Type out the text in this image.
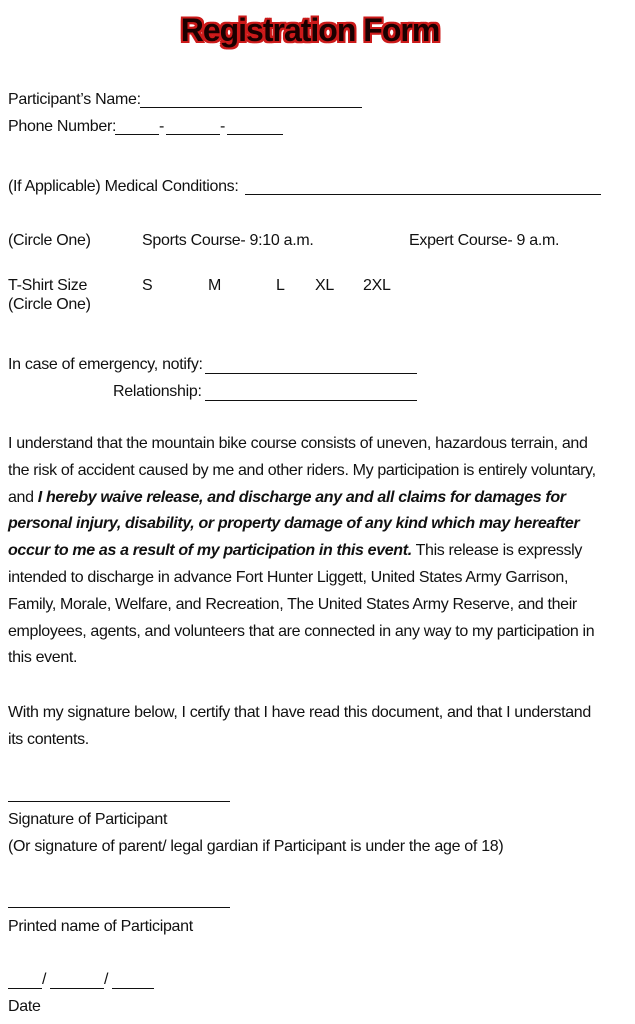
Registration Form
Participant’s Name:
Phone Number:	-	-
(If Applicable) Medical Conditions:
(Circle One)	Sports Course- 9:10 a.m.	Expert Course- 9 a.m.
T-Shirt Size
(Circle One)
S	M	L XL 2XL
In case of emergency, notify:
Relationship:
I understand that the mountain bike course consists of uneven, hazardous terrain, and the risk of accident caused by me and other riders. My participation is entirely voluntary, and I hereby waive release, and discharge any and all claims for damages for personal injury, disability, or property damage of any kind which may hereafter occur to me as a result of my participation in this event. This release is expressly intended to discharge in advance Fort Hunter Liggett, United States Army Garrison, Family, Morale, Welfare, and Recreation, The United States Army Reserve, and their employees, agents, and volunteers that are connected in any way to my participation in this event.
With my signature below, I certify that I have read this document, and that I understand its contents.
Signature of Participant
(Or signature of parent/ legal gardian if Participant is under the age of 18)
Printed name of Participant
/	/
Date
